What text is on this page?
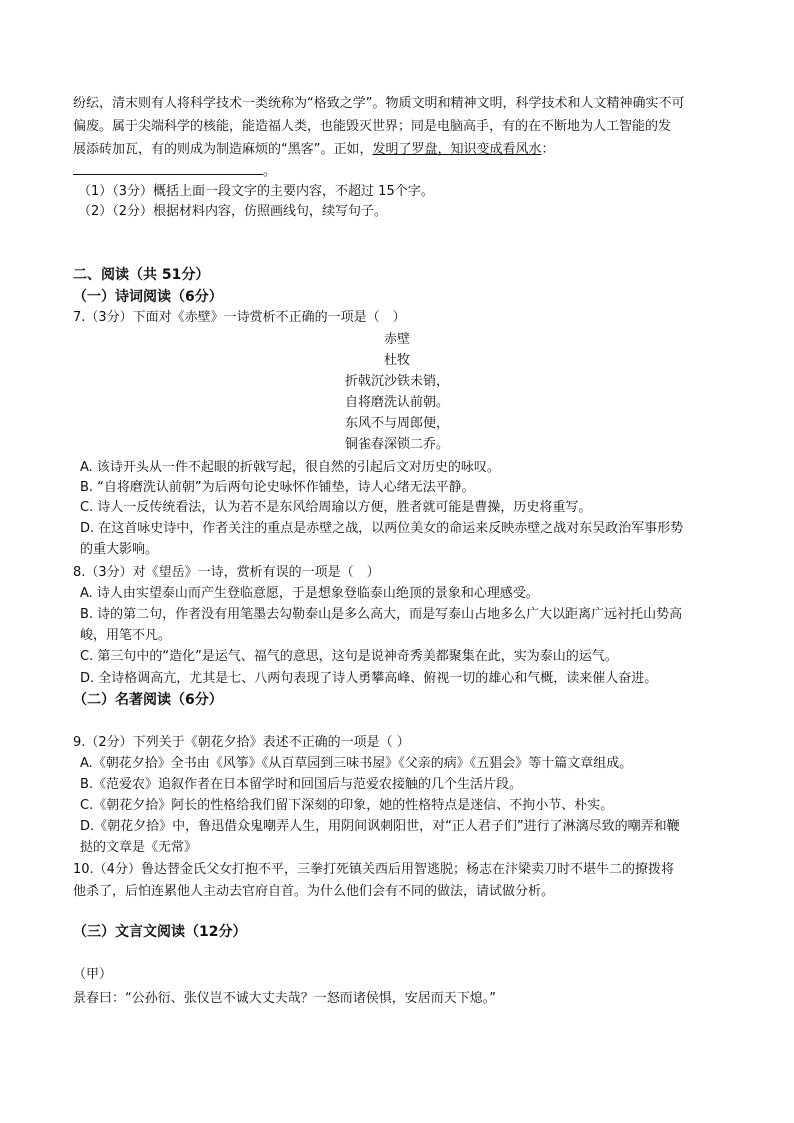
纷纭，清末则有人将科学技术一类统称为“格致之学”。物质文明和精神文明，科学技术和人文精神确实不可
偏废。属于尖端科学的核能，能造福人类，也能毁灭世界；同是电脑高手，有的在不断地为人工智能的发
展添砖加瓦，有的则成为制造麻烦的“黑客”。正如，发明了罗盘，知识变成看风水：
。
（1）（3分）概括上面一段文字的主要内容，不超过 15个字。
（2）（2分）根据材料内容，仿照画线句，续写句子。
二、阅读（共 51分）
（一）诗词阅读（6分）
7.（3分）下面对《赤壁》一诗赏析不正确的一项是（　）
赤壁
杜牧
折戟沉沙铁未销，
自将磨洗认前朝。
东风不与周郎便，
铜雀春深锁二乔。
A. 该诗开头从一件不起眼的折戟写起，很自然的引起后文对历史的咏叹。
B. “自将磨洗认前朝”为后两句论史咏怀作铺垫，诗人心绪无法平静。
C. 诗人一反传统看法，认为若不是东风给周瑜以方便，胜者就可能是曹操，历史将重写。
D. 在这首咏史诗中，作者关注的重点是赤壁之战，以两位美女的命运来反映赤壁之战对东吴政治军事形势
的重大影响。
8.（3分）对《望岳》一诗，赏析有误的一项是（　）
A. 诗人由实望泰山而产生登临意愿，于是想象登临泰山绝顶的景象和心理感受。
B. 诗的第二句，作者没有用笔墨去勾勒泰山是多么高大，而是写泰山占地多么广大以距离广远衬托山势高
峻，用笔不凡。
C. 第三句中的“造化”是运气、福气的意思，这句是说神奇秀美都聚集在此，实为泰山的运气。
D. 全诗格调高亢，尤其是七、八两句表现了诗人勇攀高峰、俯视一切的雄心和气概，读来催人奋进。
（二）名著阅读（6分）
9.（2分）下列关于《朝花夕拾》表述不正确的一项是（ ）
A.《朝花夕拾》全书由《风筝》《从百草园到三味书屋》《父亲的病》《五猖会》等十篇文章组成。
B.《范爱农》追叙作者在日本留学时和回国后与范爱农接触的几个生活片段。
C.《朝花夕拾》阿长的性格给我们留下深刻的印象，她的性格特点是迷信、不拘小节、朴实。
D.《朝花夕拾》中，鲁迅借众鬼嘲弄人生，用阴间讽刺阳世，对“正人君子们”进行了淋漓尽致的嘲弄和鞭
挞的文章是《无常》
10.（4分）鲁达替金氏父女打抱不平，三拳打死镇关西后用智逃脱；杨志在汴梁卖刀时不堪牛二的撩拨将
他杀了，后怕连累他人主动去官府自首。为什么他们会有不同的做法，请试做分析。
（三）文言文阅读（12分）
（甲）
景春曰：“公孙衍、张仪岂不诚大丈夫哉？一怒而诸侯惧，安居而天下熄。”
